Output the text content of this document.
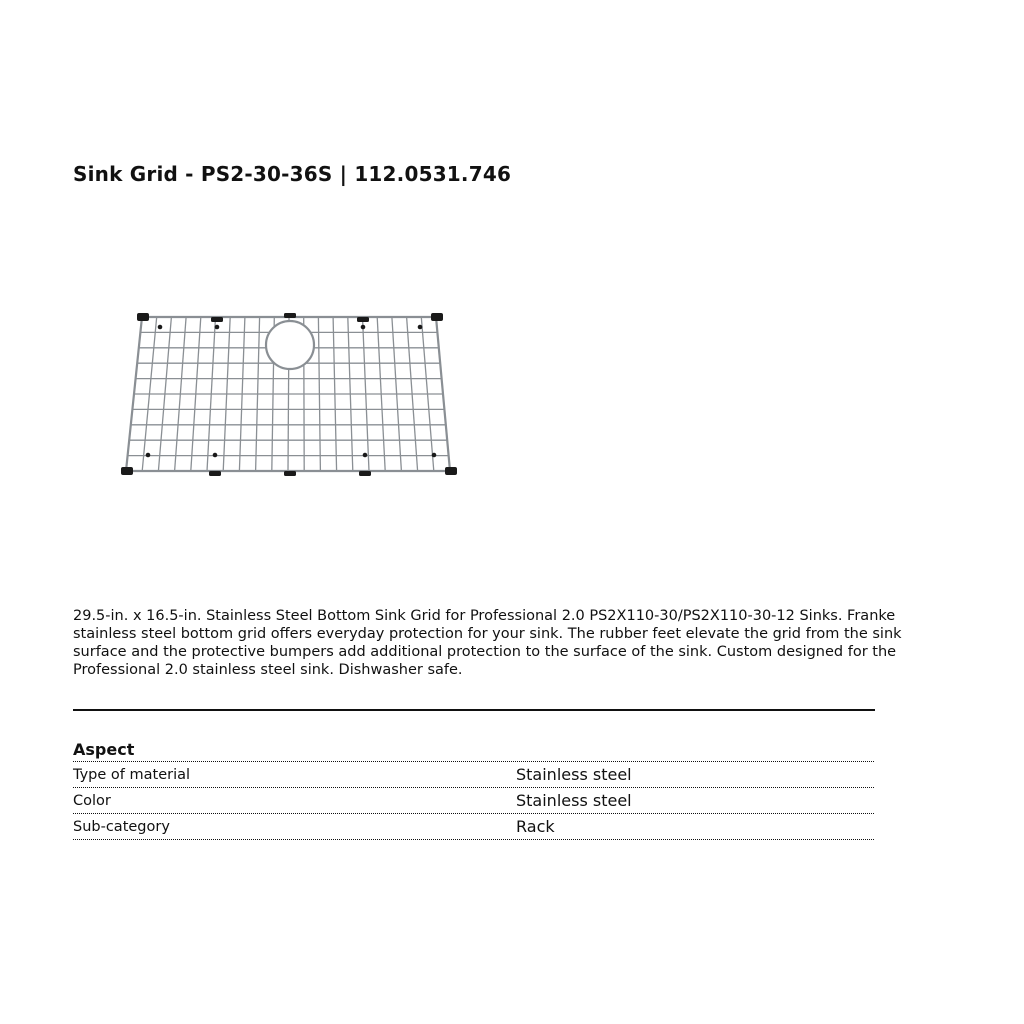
Sink Grid - PS2-30-36S | 112.0531.746

29.5-in. x 16.5-in. Stainless Steel Bottom Sink Grid for Professional 2.0 PS2X110-30/PS2X110-30-12 Sinks. Franke
stainless steel bottom grid offers everyday protection for your sink. The rubber feet elevate the grid from the sink
surface and the protective bumpers add additional protection to the surface of the sink. Custom designed for the
Professional 2.0 stainless steel sink. Dishwasher safe.

Aspect
Type of material	Stainless steel
Color	Stainless steel
Sub-category	Rack
